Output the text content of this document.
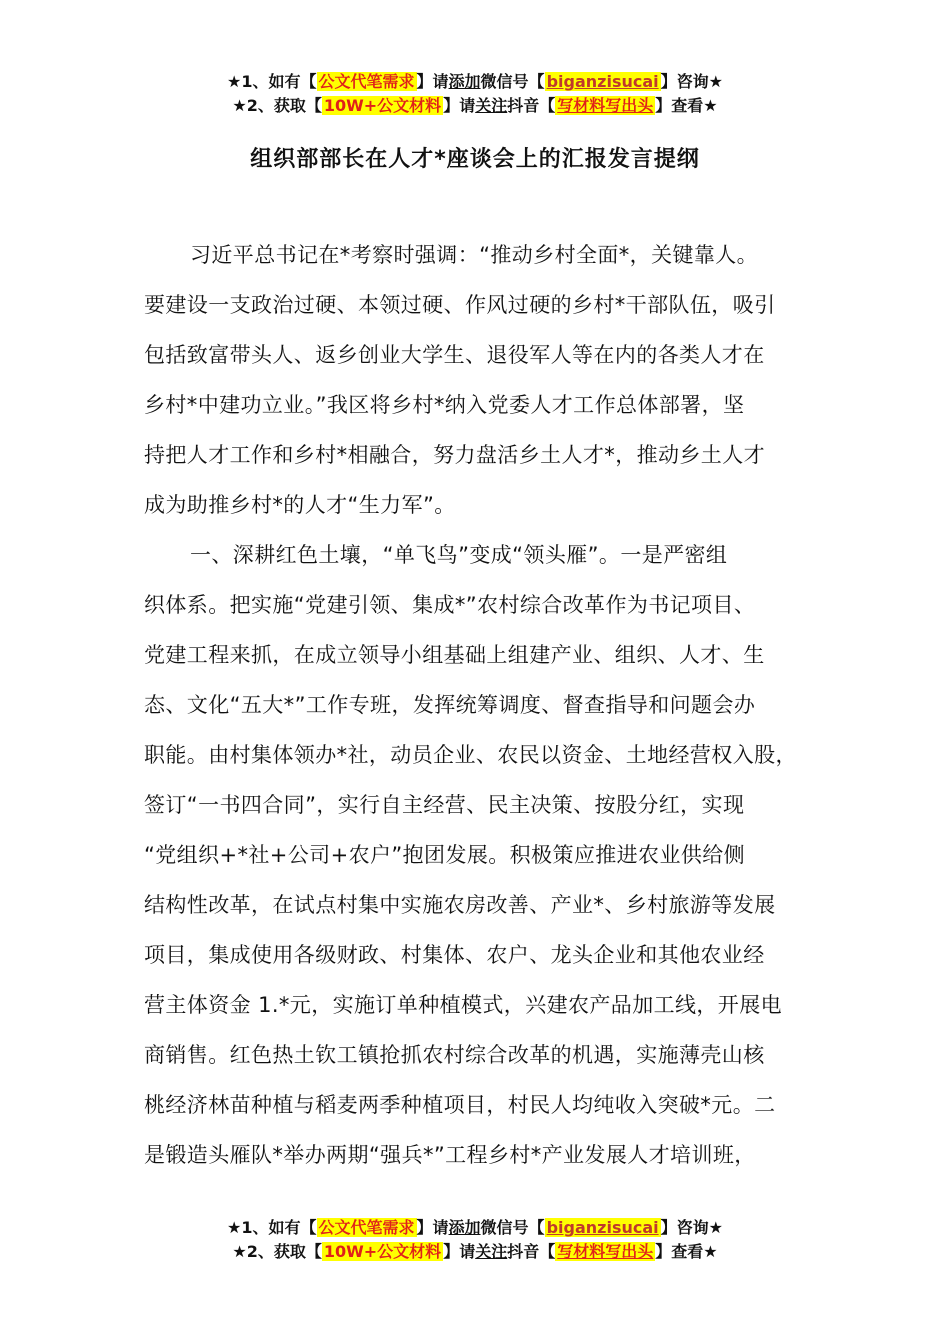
★1、如有【 公文代笔需求 】请添加微信号【 biganzisucai 】咨询★
★2、获取【 10W+公文材料 】请关注抖音【 写材料写出头 】查看★
组织部部长在人才*座谈会上的汇报发言提纲
习近平总书记在*考察时强调：“推动乡村全面*，关键靠人。
要建设一支政治过硬、本领过硬、作风过硬的乡村*干部队伍，吸引
包括致富带头人、返乡创业大学生、退役军人等在内的各类人才在
乡村*中建功立业。”我区将乡村*纳入党委人才工作总体部署，坚
持把人才工作和乡村*相融合，努力盘活乡土人才*，推动乡土人才
成为助推乡村*的人才“生力军”。
一、深耕红色土壤，“单飞鸟”变成“领头雁”。一是严密组
织体系。把实施“党建引领、集成*”农村综合改革作为书记项目、
党建工程来抓，在成立领导小组基础上组建产业、组织、人才、生
态、文化“五大*”工作专班，发挥统筹调度、督查指导和问题会办
职能。由村集体领办*社，动员企业、农民以资金、土地经营权入股，
签订“一书四合同”，实行自主经营、民主决策、按股分红，实现
“党组织+*社+公司+农户”抱团发展。积极策应推进农业供给侧
结构性改革，在试点村集中实施农房改善、产业*、乡村旅游等发展
项目，集成使用各级财政、村集体、农户、龙头企业和其他农业经
营主体资金 1.*元，实施订单种植模式，兴建农产品加工线，开展电
商销售。红色热土钦工镇抢抓农村综合改革的机遇，实施薄壳山核
桃经济林苗种植与稻麦两季种植项目，村民人均纯收入突破*元。二
是锻造头雁队*举办两期“强兵*”工程乡村*产业发展人才培训班，
★1、如有【 公文代笔需求 】请添加微信号【 biganzisucai 】咨询★
★2、获取【 10W+公文材料 】请关注抖音【 写材料写出头 】查看★
